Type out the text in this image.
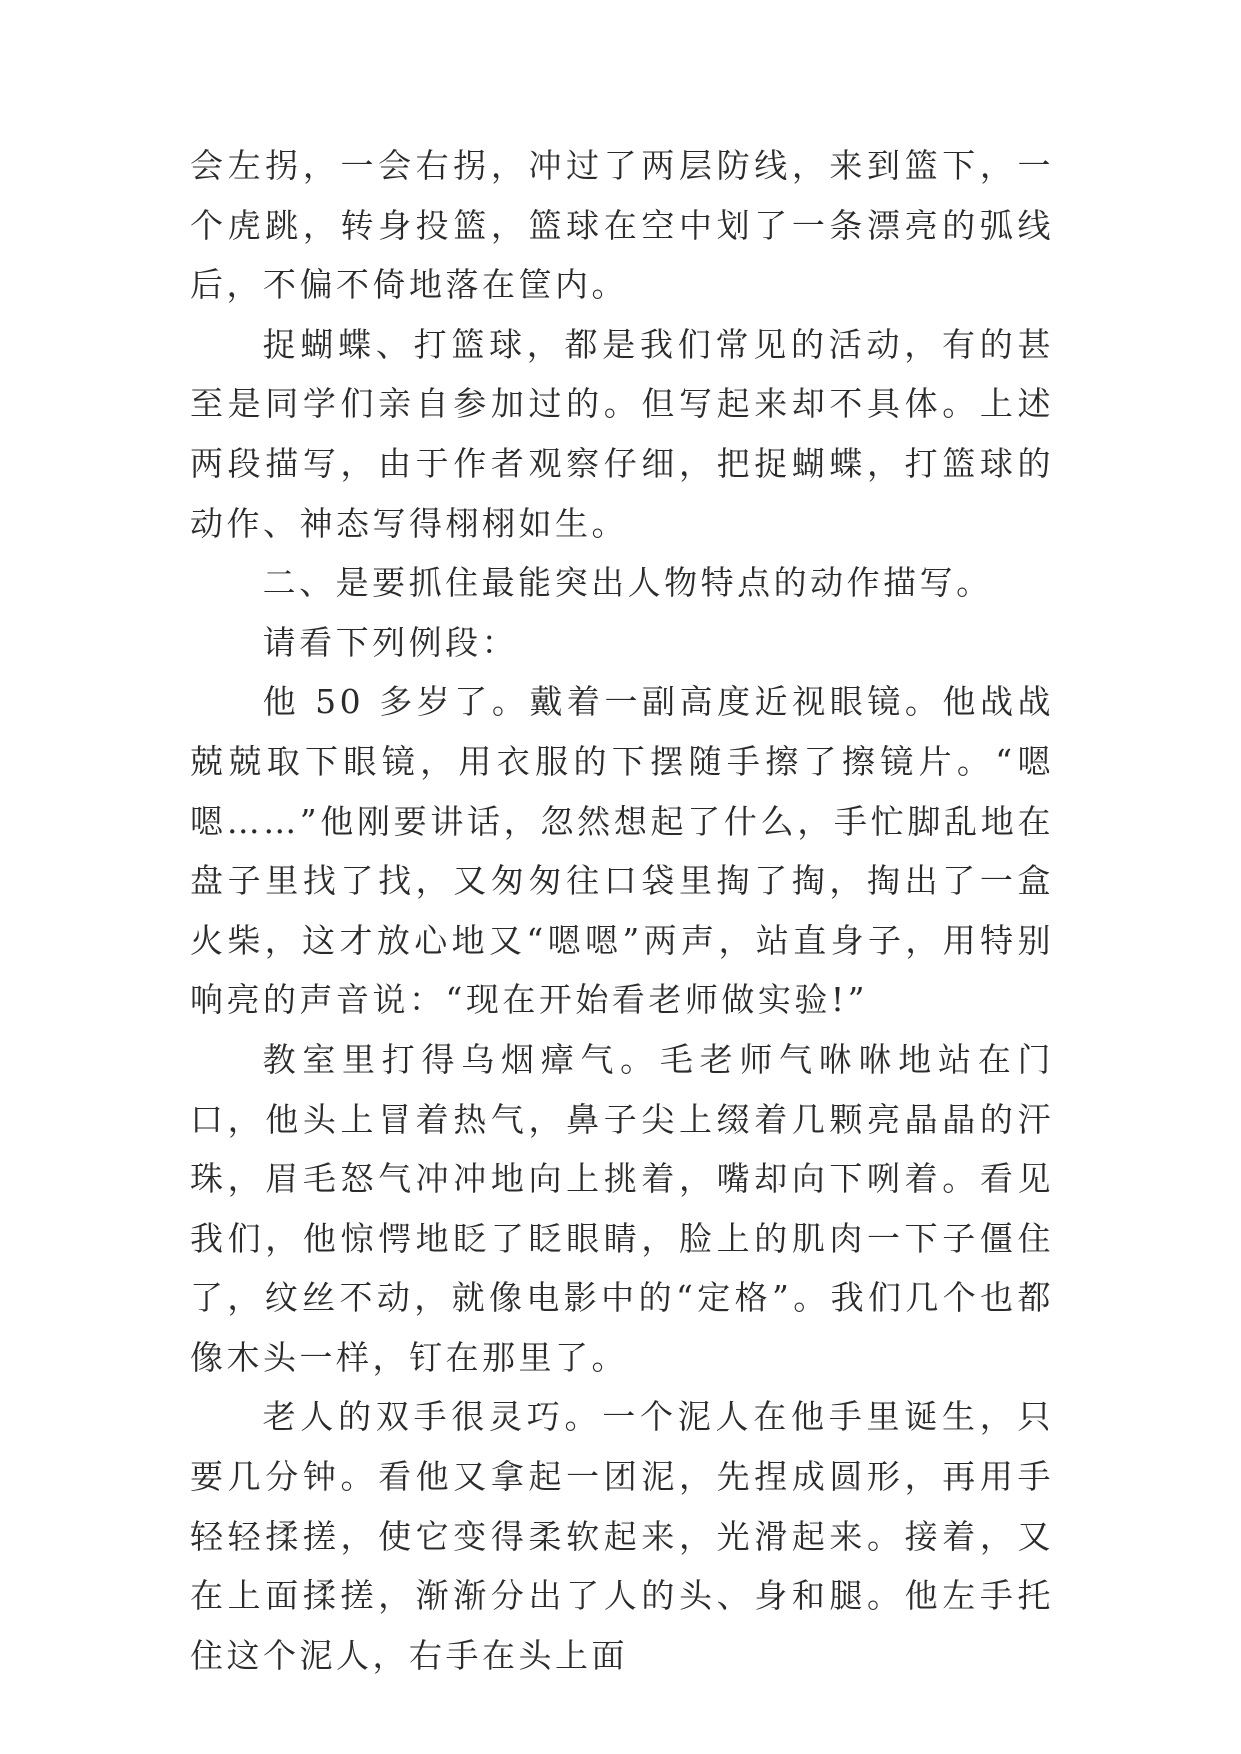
会左拐，一会右拐，冲过了两层防线，来到篮下，一个虎跳，转身投篮，篮球在空中划了一条漂亮的弧线后，不偏不倚地落在筐内。

捉蝴蝶、打篮球，都是我们常见的活动，有的甚至是同学们亲自参加过的。但写起来却不具体。上述两段描写，由于作者观察仔细，把捉蝴蝶，打篮球的动作、神态写得栩栩如生。

二、是要抓住最能突出人物特点的动作描写。

请看下列例段：

他 50 多岁了。戴着一副高度近视眼镜。他战战兢兢取下眼镜，用衣服的下摆随手擦了擦镜片。“嗯嗯……”他刚要讲话，忽然想起了什么，手忙脚乱地在盘子里找了找，又匆匆往口袋里掏了掏，掏出了一盒火柴，这才放心地又“嗯嗯”两声，站直身子，用特别响亮的声音说：“现在开始看老师做实验!”

教室里打得乌烟瘴气。毛老师气咻咻地站在门口，他头上冒着热气，鼻子尖上缀着几颗亮晶晶的汗珠，眉毛怒气冲冲地向上挑着，嘴却向下咧着。看见我们，他惊愕地眨了眨眼睛，脸上的肌肉一下子僵住了，纹丝不动，就像电影中的“定格”。我们几个也都像木头一样，钉在那里了。

老人的双手很灵巧。一个泥人在他手里诞生，只要几分钟。看他又拿起一团泥，先捏成圆形，再用手轻轻揉搓，使它变得柔软起来，光滑起来。接着，又在上面揉搓，渐渐分出了人的头、身和腿。他左手托住这个泥人，右手在头上面
